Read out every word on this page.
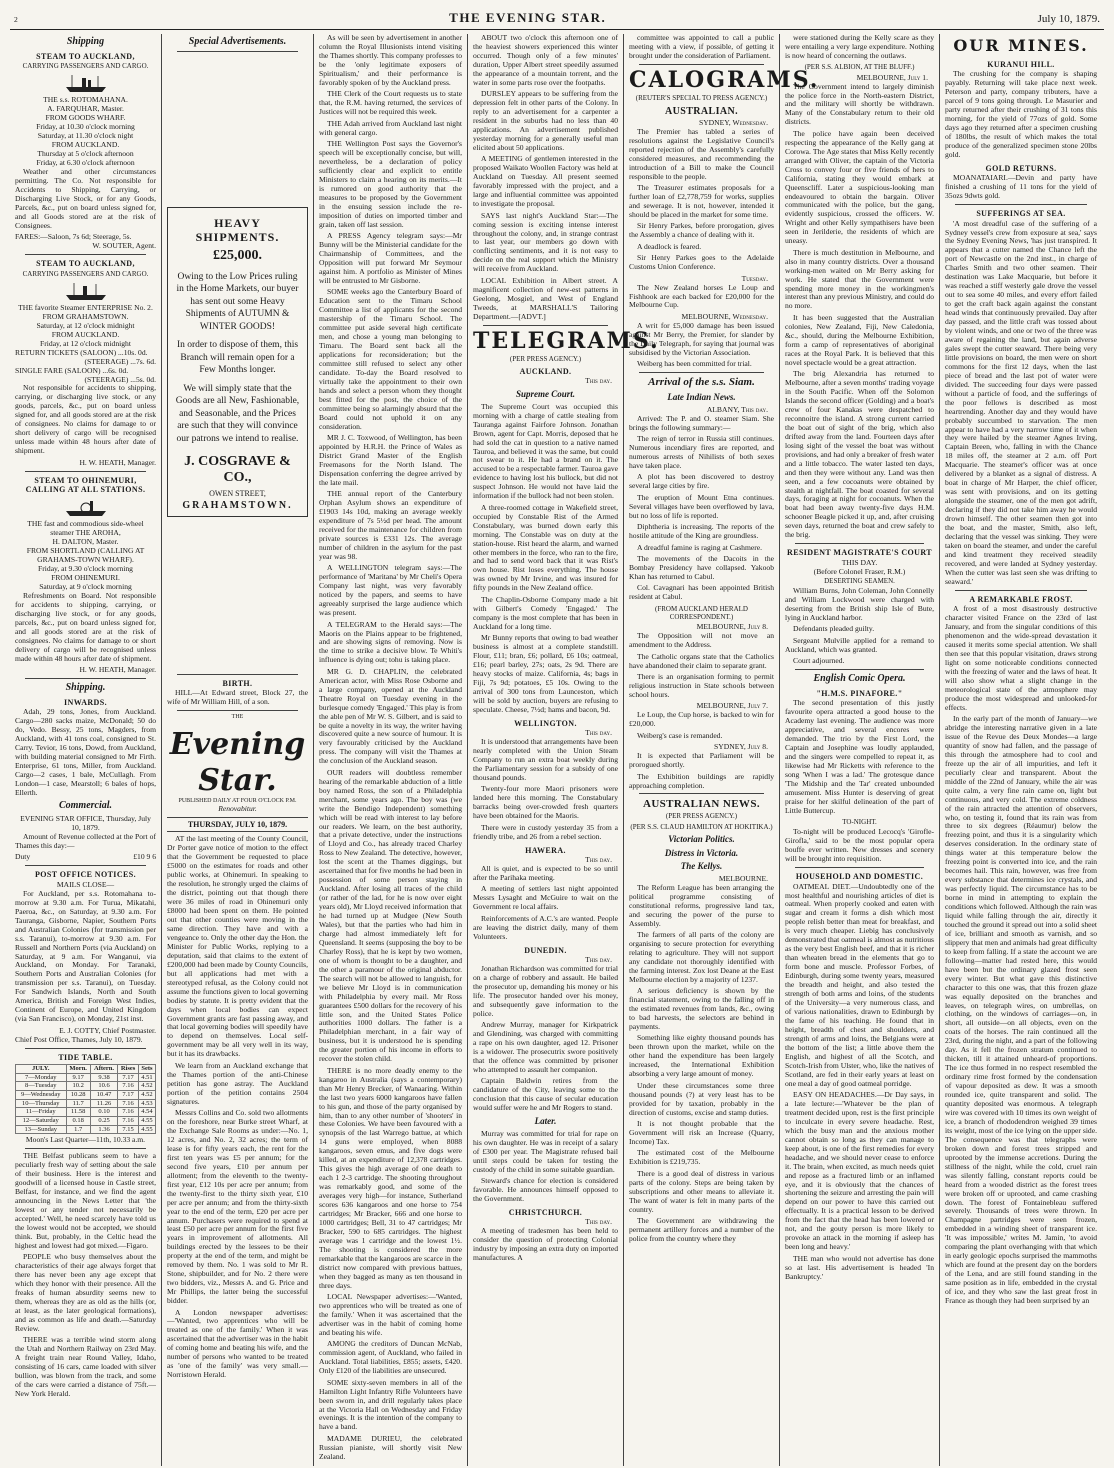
2	THE EVENING STAR.	July 10, 1879.
Shipping
STEAM TO AUCKLAND,
CARRYING PASSENGERS AND CARGO.
THE s.s. ROTOMAHANA.
A. FARQUHAR, Master.
FROM GOODS WHARF.
Friday, at 10.30 o'clock morning
Saturday, at 11.30 o'clock night
FROM AUCKLAND.
Thursday at 5 o'clock afternoon
Friday, at 6.30 o'clock afternoon

Weather and other circumstances permitting. The Co. Not responsible for Accidents to Shipping, Carrying, or Discharging Live Stock, or for any Goods, Parcels, &c., put on board unless signed for, and all Goods stored are at the risk of Consignees.

FARES:—Saloon, 7s 6d; Steerage, 5s.
W. SOUTER, Agent.
STEAM TO AUCKLAND,
CARRYING PASSENGERS AND CARGO.
THE favorite Steamer ENTERPRISE No. 2.
FROM GRAHAMSTOWN.
Saturday, at 12 o'clock midnight
FROM AUCKLAND.
Friday, at 12 o'clock midnight
RETURN TICKETS (SALOON) ...10s. 0d.
(STEERAGE) ...7s. 6d.
SINGLE FARE (SALOON) ...6s. 0d.
(STEERAGE) ...5s. 0d.

Not responsible for accidents to shipping, carrying, or discharging live stock, or any goods, parcels, &c., put on board unless signed for, and all goods stored are at the risk of consignees. No claims for damage to or short delivery of cargo will be recognised unless made within 48 hours after date of shipment.

H. W. HEATH, Manager.
STEAM TO OHINEMURI, CALLING AT ALL STATIONS.
THE fast and commodious side-wheel steamer THE AROHA,
H. DALTON, Master.
FROM SHORTLAND (CALLING AT GRAHAMS-TOWN WHARF).
Friday, at 9.30 o'clock morning
FROM OHINEMURI.
Saturday, at 9 o'clock morning

Refreshments on Board. Not responsible for accidents to shipping, carrying, or discharging live stock, or for any goods, parcels, &c., put on board unless signed for, and all goods stored are at the risk of consignees. No claims for damage to or short delivery of cargo will be recognised unless made within 48 hours after date of shipment.

H. W. HEATH, Manager.
Shipping.
INWARDS.

Adah, 29 tons, Jones, from Auckland. Cargo—280 sacks maize, McDonald; 50 do do, Vedo. Bessy, 25 tons, Magders, from Auckland, with 41 tons coal, consigned to St. Carry. Tevior, 16 tons, Dowd, from Auckland, with building material consigned to Mr Firth. Enterprise, 61 tons, Miller, from Auckland. Cargo—2 cases, 1 bale, McCullagh. From London—1 case, Mearstoll; 6 bales of hops, Ellerth.

Commercial.
EVENING STAR OFFICE, Thursday, July 10, 1879.

Amount of Revenue collected at the Port of Thames this day:—

Duty	£10 9 6
POST OFFICE NOTICES.
MAILS CLOSE—

For Auckland, per s.s. Rotomahana to-morrow at 9.30 a.m. For Turua, Mikatahi, Paeroa, &c., on Saturday, at 9.30 a.m. For Tauranga, Gisborne, Napier, Southern Ports and Australian Colonies (for transmission per s.s. Taranui), to-morrow at 9.30 a.m. For Russell and Northern Ports (via Auckland) on Saturday, at 9 a.m. For Wanganui, via Auckland, on Monday. For Taranaki, Southern Ports and Australian Colonies (for transmission per s.s. Taranui), on Tuesday. For Sandwich Islands, North and South America, British and Foreign West Indies, Continent of Europe, and United Kingdom (via San Francisco), on Monday, 21st inst.

E. J. COTTY, Chief Postmaster.
Chief Post Office, Thames, July 10, 1879.
TIDE TABLE.
JULY.	Morn.	Aftern.	Rises	Sets
7—Monday	9.17	9.38	7.17	4.51
8—Tuesday	10.2	10.6	7.16	4.52
9—Wednesday	10.28	10.47	7.17	4.52
10—Thursday	11.7	11.26	7.16	4.53
11—Friday	11.58	0.10	7.16	4.54
12—Saturday	0.18	0.25	7.16	4.55
13—Sunday	1.7	1.36	7.15	4.55
Moon's Last Quarter—11th, 10.33 a.m.

THE Belfast publicans seem to have a peculiarly fresh way of setting about the sale of their business. Here is the interest and goodwill of a licensed house in Castle street, Belfast, for instance, and we find the agent announcing in the News Letter that 'the lowest or any tender not necessarily be accepted.' Well, he need scarcely have told us the lowest would not be accepted, we should think. But, probably, in the Celtic head the highest and lowest had got mixed.—Figaro.

PEOPLE who busy themselves about the characteristics of their age always forget that there has never been any age except that which they honor with their presence. All the freaks of human absurdity seems new to them, whereas they are as old as the hills (or, at least, as the later geological formations), and as common as life and death.—Saturday Review.

THERE was a terrible wind storm along the Utah and Northern Railway on 23rd May. A freight train near Round Valley, Idaho, consisting of 16 cars, came loaded with silver bullion, was blown from the track, and some of the cars were carried a distance of 75ft.—New York Herald.

Special Advertisements.
HEAVY SHIPMENTS.
£25,000.
Owing to the Low Prices ruling in the Home Markets, our buyer has sent out some Heavy Shipments of AUTUMN & WINTER GOODS!
In order to dispose of them, this Branch will remain open for a Few Months longer.
We will simply state that the Goods are all New, Fashionable, and Seasonable, and the Prices are such that they will convince our patrons we intend to realise.
J. COSGRAVE & CO.,
OWEN STREET,
GRAHAMSTOWN.
BIRTH.

HILL—At Edward street, Block 27, the wife of Mr William Hill, of a son.

THE
Evening Star.
PUBLISHED DAILY AT FOUR O'CLOCK P.M.
Renovabitur.
THURSDAY, JULY 10, 1879.

AT the last meeting of the County Council, Dr Porter gave notice of motion to the effect that the Government be requested to place £5000 on the estimates for roads and other public works, at Ohinemuri. In speaking to the resolution, he strongly urged the claims of the district, pointing out that though there were 36 miles of road in Ohinemuri only £8000 had been spent on them. He pointed out that other counties were moving in the same direction. They have and with a vengeance to. Only the other day the Hon. the Minister for Public Works, replying to a deputation, said that claims to the extent of £200,000 had been made by County Councils, but all applications had met with a stereotyped refusal, as the Colony could not assume the functions given to local governing bodies by statute. It is pretty evident that the days when local bodies can expect Government grants are fast passing away, and that local governing bodies will speedily have to depend on themselves. Local self-government may be all very well in its way, but it has its drawbacks.

We learn from an Auckland exchange that the Thames portion of the anti-Chinese petition has gone astray. The Auckland portion of the petition contains 2504 signatures.

Messrs Collins and Co. sold two allotments on the foreshore, near Burke street Wharf, at the Exchange Sale Rooms as under:—No. 1, 12 acres, and No. 2, 32 acres; the term of lease is for fifty years each, the rent for the first ten years was £5 per annum; for the second five years, £10 per annum per allotment; from the eleventh to the twenty-first year, £12 10s per acre per annum; from the twenty-first to the thirty sixth year, £10 per acre per annum; and from the thirty-sixth year to the end of the term, £20 per acre per annum. Purchasers were required to spend at least £50 per acre per annum for the first five years in improvement of allotments. All buildings erected by the lessees to be their property at the end of the term, and might be removed by them. No. 1 was sold to Mr R. Stone, shipbuilder, and for No. 2 there were two bidders, viz., Messrs A. and G. Price and Mr Phillips, the latter being the successful bidder.

A London newspaper advertises:—'Wanted, two apprentices who will be treated as one of the family.' When it was ascertained that the advertiser was in the habit of coming home and beating his wife, and the number of persons who wanted to be treated as 'one of the family' was very small.—Norristown Herald.

As will be seen by advertisement in another column the Royal Illusionists intend visiting the Thames shortly. This company professes to be the 'only legitimate exposers of Spiritualism,' and their performance is favorably spoken of by the Auckland press.

THE Clerk of the Court requests us to state that, the R.M. having returned, the services of Justices will not be required this week.

THE Adah arrived from Auckland last night with general cargo.

THE Wellington Post says the Governor's speech will be exceptionally concise, but will, nevertheless, be a declaration of policy sufficiently clear and explicit to entitle Ministers to claim a hearing on its merits.—It is rumored on good authority that the measures to be proposed by the Government in the ensuing session include the re-imposition of duties on imported timber and grain, taken off last session.

A PRESS Agency telegram says:—Mr Bunny will be the Ministerial candidate for the Chairmanship of Committees, and the Opposition will put forward Mr Seymour against him. A portfolio as Minister of Mines will be entrusted to Mr Gisborne.

SOME weeks ago the Canterbury Board of Education sent to the Timaru School Committee a list of applicants for the second mastership of the Timaru School. The committee put aside several high certificate men, and chose a young man belonging to Timaru. The Board sent back all the applications for reconsideration; but the committee still refused to select any other candidate. To-day the Board resolved to virtually take the appointment to their own hands and select a person whom they thought best fitted for the post, the choice of the committee being so alarmingly absurd that the Board could not uphold it on any consideration.

MR J. C. Toxwood, of Wellington, has been appointed by H.R.H. the Prince of Wales as District Grand Master of the English Freemasons for the North Island. The Dispensation conferring the degree arrived by the late mail.

THE annual report of the Canterbury Orphan Asylum shows an expenditure of £1903 14s 10d, making an average weekly expenditure of 7s 5½d per head. The amount received for the maintenance for children from private sources is £331 12s. The average number of children in the asylum for the past year was 98.

A WELLINGTON telegram says:—The performance of 'Maritana' by Mr Cheli's Opera Company last night, was very favorably noticed by the papers, and seems to have agreeably surprised the large audience which was present.

A TELEGRAM to the Herald says:—The Maoris on the Plains appear to be frightened, and are showing signs of removing. Now is the time to strike a decisive blow. Te Whiti's influence is dying out; tohu is taking place.

MR G. D. CHAPLIN, the celebrated American actor, with Miss Rose Osborne and a large company, opened at the Auckland Theatre Royal on Tuesday evening in the burlesque comedy 'Engaged.' This play is from the able pen of Mr W. S. Gilbert, and is said to be quite a novelty in its way, the writer having discovered quite a new source of humour. It is very favourably criticised by the Auckland press. The company will visit the Thames at the conclusion of the Auckland season.

OUR readers will doubtless remember hearing of the remarkable abduction of a little boy named Ross, the son of a Philadelphia merchant, some years ago. The boy was (we write the Bendigo Independent) something which will be read with interest to lay before our readers. We learn, on the best authority, that a private detective, under the instructions of Lloyd and Co., has already traced Charley Ross to New Zealand. The detective, however, lost the scent at the Thames diggings, but ascertained that for five months he had been in possession of some person staying in Auckland. After losing all traces of the child (or rather of the lad, for he is now over eight years old), Mr Lloyd received information that he had turned up at Mudgee (New South Wales), but that the parties who had him in charge had almost immediately left for Queensland. It seems (supposing the boy to be Charley Ross), that he is kept by two women, one of whom is thought to be a daughter, and the other a paramour of the original abductor. The search will not be allowed to languish, for we believe Mr Lloyd is in communication with Philadelphia by every mail. Mr Ross guarantees £500 dollars for the recovery of his little son, and the United States Police authorities 1000 dollars. The father is a Philadelphian merchant, in a fair way of business, but it is understood he is spending the greater portion of his income in efforts to recover the stolen child.

THERE is no more deadly enemy to the kangaroo in Australia (says a contemporary) than Mr Henry Brecker, of Wanaaring. Within the last two years 6000 kangaroos have fallen to his gun, and those of the party organised by him, than to any other number of 'shooters' in these Colonies. We have been favoured with a synopsis of the last Warrego battue, at which 14 guns were employed, when 8088 kangaroos, seven emus, and five dogs were killed, at an expenditure of 12,378 cartridges. This gives the high average of one death to each 1 2-3 cartridge. The shooting throughout was remarkably good, and some of the averages very high—for instance, Sutherland scores 636 kangaroos and one horse to 754 cartridges; Mr Bracker, 666 and one horse to 1000 cartridges; Bell, 31 to 47 cartridges; Mr Bracker, 590 to 685 cartridges. The highest average was 1 cartridge and the lowest 1½. The shooting is considered the more remarkable that the kangaroos are scarce in the district now compared with previous battues, when they bagged as many as ten thousand in three days.

LOCAL Newspaper advertises:—'Wanted, two apprentices who will be treated as one of the family.' When it was ascertained that the advertiser was in the habit of coming home and beating his wife.

AMONG the creditors of Duncan McNab, commission agent, of Auckland, who failed in Auckland. Total liabilities, £855; assets, £420. Only £120 of the liabilities are unsecured.

SOME sixty-seven members in all of the Hamilton Light Infantry Rifle Volunteers have been sworn in, and drill regularly takes place at the Victoria Hall on Wednesday and Friday evenings. It is the intention of the company to have a band.

MADAME DURIEU, the celebrated Russian pianiste, will shortly visit New Zealand.

ABOUT two o'clock this afternoon one of the heaviest showers experienced this winter occurred. Though only of a few minutes' duration, Upper Albert street speedily assumed the appearance of a mountain torrent, and the water in some parts rose over the footpaths.

DURSLEY appears to be suffering from the depression felt in other parts of the Colony. In reply to an advertisement for a carpenter a resident in the suburbs had no less than 40 applications. An advertisement published yesterday morning for a generally useful man elicited about 50 applications.

A MEETING of gentlemen interested in the proposed Waikato Woollen Factory was held at Auckland on Tuesday. All present seemed favorably impressed with the project, and a large and influential committee was appointed to investigate the proposal.

SAYS last night's Auckland Star:—The coming session is exciting intense interest throughout the colony, and, in strange contrast to last year, our members go down with conflicting sentiments, and it is not easy to decide on the real support which the Ministry will receive from Auckland.

LOCAL Exhibition in Albert street. A magnificent collection of new-est patterns in Geelong, Mosgiel, and West of England Tweeds, at MARSHALL'S Tailoring Department.—[ADVT.]

TELEGRAMS.
(PER PRESS AGENCY.)
AUCKLAND.
This day.
Supreme Court.

The Supreme Court was occupied this morning with a charge of cattle stealing from Tauranga against Fairfore Johnson. Jonathan Brown, agent for Capt. Morris, deposed that he had sold the cat in question to a native named Tauroa, and believed it was the same, but could not swear to it. He had a brand on it. The accused to be a respectable farmer. Tauroa gave evidence to having lost his bullock, but did not suspect Johnson. He would not have laid the information if the bullock had not been stolen.

A three-roomed cottage in Wakefield street, occupied by Constable Rist of the Armed Constabulary, was burned down early this morning. The Constable was on duty at the station-house. Rist heard the alarm, and warned other members in the force, who ran to the fire, and had to send word back that it was Rist's own house. Rist loses everything. The house was owned by Mr Irvine, and was insured for fifty pounds in the New Zealand office.

The Chaplin-Osborne Company made a hit with Gilbert's Comedy 'Engaged.' The company is the most complete that has been in Auckland for a long time.

Mr Bunny reports that owing to bad weather business is almost at a complete standstill. Flour, £11; bran, £6; pollard, £6 10s; oatmeal, £16; pearl barley, 27s; oats, 2s 9d. There are heavy stocks of maize. California, 4s; bags in Fiji, 7s 9d; potatoes, £5 10s. Owing to the arrival of 300 tons from Launceston, which will be sold by auction, buyers are refusing to speculate. Cheese, 7½d; hams and bacon, 9d.

WELLINGTON.
This day.

It is understood that arrangements have been nearly completed with the Union Steam Company to run an extra boat weekly during the Parliamentary session for a subsidy of one thousand pounds.

Twenty-four more Maori prisoners were landed here this morning. The Constabulary barracks being over-crowded fresh quarters have been obtained for the Maoris.

There were in custody yesterday 35 from a friendly tribe, and 26 from a rebel section.

HAWERA.
This day.

All is quiet, and is expected to be so until after the Parihaka meeting.

A meeting of settlers last night appointed Messrs Lysaght and McGuire to wait on the Government re local affairs.

Reinforcements of A.C.'s are wanted. People are leaving the district daily, many of them Volunteers.

DUNEDIN.
This day.

Jonathan Richardson was committed for trial on a charge of robbery and assault. He bailed the prosecutor up, demanding his money or his life. The prosecutor handed over his money, and subsequently gave information to the police.

Andrew Murray, manager for Kirkpatrick and Glendining, was charged with committing a rape on his own daughter, aged 12. Prisoner is a widower. The prosecutrix swore positively that the offence was committed by prisoner who attempted to assault her companion.

Captain Baldwin retires from the candidature of the City, leaving some to the conclusion that this cause of secular education would suffer were he and Mr Rogers to stand.

Later.

Murray was committed for trial for rape on his own daughter. He was in receipt of a salary of £300 per year. The Magistrate refused bail until steps could be taken for testing the custody of the child in some suitable guardian.

Steward's chance for election is considered favorable. He announces himself opposed to the Government.

CHRISTCHURCH.
This day.

A meeting of tradesmen has been held to consider the question of protecting Colonial industry by imposing an extra duty on imported manufactures. A

committee was appointed to call a public meeting with a view, if possible, of getting it brought under the consideration of Parliament.

CALOGRAMS.
(REUTER'S SPECIAL TO PRESS AGENCY.)
AUSTRALIAN.
SYDNEY, Wednesday.

The Premier has tabled a series of resolutions against the Legislative Council's reported rejection of the Assembly's carefully considered measures, and recommending the introduction of a Bill to make the Council responsible to the people.

The Treasurer estimates proposals for a further loan of £2,778,759 for works, supplies and sewerage. It is not, however, intended it should be placed in the market for some time.

Sir Henry Parkes, before prorogation, gives the Assembly a chance of dealing with it.

A deadlock is feared.

Sir Henry Parkes goes to the Adelaide Customs Union Conference.

Tuesday.

The New Zealand horses Le Loup and Fishhook are each backed for £20,000 for the Melbourne Cup.

MELBOURNE, Wednesday.

A writ for £5,000 damage has been issued against Mr Berry, the Premier, for slander by the Daily Telegraph, for saying that journal was subsidised by the Victorian Association.

Weiberg has been committed for trial.

Arrival of the s.s. Siam.
Late Indian News.
ALBANY, This day.

Arrived: The P. and O. steamer Siam. She brings the following summary:—

The reign of terror in Russia still continues. Numerous incendiary fires are reported, and numerous arrests of Nihilists of both sexes have taken place.

A plot has been discovered to destroy several large cities by fire.

The eruption of Mount Etna continues. Several villages have been overflowed by lava, but no loss of life is reported.

Diphtheria is increasing. The reports of the hostile attitude of the King are groundless.

A dreadful famine is raging at Cashmere.

The movements of the Dacoits in the Bombay Presidency have collapsed. Yakoob Khan has returned to Cabul.

Col. Cavagnari has been appointed British resident at Cabul.

(FROM AUCKLAND HERALD CORRESPONDENT.)
MELBOURNE, July 8.

The Opposition will not move an amendment to the Address.

The Catholic organs state that the Catholics have abandoned their claim to separate grant.

There is an organisation forming to permit religious instruction in State schools between school hours.

MELBOURNE, July 7.

Le Loup, the Cup horse, is backed to win for £20,000.

Weiberg's case is remanded.

SYDNEY, July 8.

It is expected that Parliament will be prorogued shortly.

The Exhibition buildings are rapidly approaching completion.

AUSTRALIAN NEWS.
(PER PRESS AGENCY.)
(PER S.S. CLAUD HAMILTON AT HOKITIKA.)
Victorian Politics.
Distress in Victoria.
The Kellys.
MELBOURNE.

The Reform League has been arranging the political programme consisting of constitutional reforms, progressive land tax, and securing the power of the purse to Assembly.

The farmers of all parts of the colony are organising to secure protection for everything relating to agriculture. They will not support any candidate not thoroughly identified with the farming interest. Zox lost Deane at the East Melbourne election by a majority of 1237.

A serious deficiency is shown by the financial statement, owing to the falling off in the estimated revenues from lands, &c., owing to bad harvests, the selectors are behind in payments.

Something like eighty thousand pounds has been thrown upon the market, while on the other hand the expenditure has been largely increased, the International Exhibition absorbing a very large amount of money.

Under these circumstances some three thousand pounds (?) at very least has to be provided for by taxation, probably in the direction of customs, excise and stamp duties.

It is not thought probable that the Government will risk an Increase (Quarry, Income) Tax.

The estimated cost of the Melbourne Exhibition is £219,735.

There is a good deal of distress in various parts of the colony. Steps are being taken by subscriptions and other means to alleviate it. The want of water is felt in many parts of the country.

The Government are withdrawing the permanent artillery forces and a number of the police from the country where they

were stationed during the Kelly scare as they were entailing a very large expenditure. Nothing is now heard of concerning the outlaws.

(PER S.S. ALBION, AT THE BLUFF.)
MELBOURNE, July 1.

The Government intend to largely diminish the police force in the North-eastern District, and the military will shortly be withdrawn. Many of the Constabulary return to their old districts.

The police have again been deceived respecting the appearance of the Kelly gang at Corowa. The Age states that Miss Kelly recently arranged with Oliver, the captain of the Victoria Cross to convey four or five friends of hers to California, stating they would embark at Queenscliff. Later a suspicious-looking man endeavoured to obtain the bargain. Oliver communicated with the police, but the gang, evidently suspicious, crossed the officers. W. Wright and other Kelly sympathisers have been seen in Jerilderie, the residents of which are uneasy.

There is much destitution in Melbourne, and also in many country districts. Over a thousand working-men waited on Mr Berry asking for work. He stated that the Government were spending more money in the workingmen's interest than any previous Ministry, and could do no more.

It has been suggested that the Australian colonies, New Zealand, Fiji, New Caledonia, &c., should, during the Melbourne Exhibition, form a camp of representatives of aboriginal races at the Royal Park. It is believed that this novel spectacle would be a great attraction.

The brig Alexandria has returned to Melbourne, after a seven months' trading voyage in the South Pacific. When off the Solomon Islands the second officer (Golding) and a boat's crew of four Kanakas were despatched to reconnoitre the island. A strong current carried the boat out of sight of the brig, which also drifted away from the land. Fourteen days after losing sight of the vessel the boat was without provisions, and had only a breaker of fresh water and a little tobacco. The water lasted ten days, and then they were without any. Land was then seen, and a few cocoanuts were obtained by stealth at nightfall. The boat coasted for several days, foraging at night for cocoanuts. When the boat had been away twenty-five days H.M. schooner Beagle picked it up, and, after cruising seven days, returned the boat and crew safely to the brig.

RESIDENT MAGISTRATE'S COURT
THIS DAY.
(Before Colonel Fraser, R.M.)
DESERTING SEAMEN.

William Burns, John Coleman, John Connelly and William Lockwood were charged with deserting from the British ship Isle of Bute, lying in Auckland harbor.

Defendants pleaded guilty.

Sergeant Mulville applied for a remand to Auckland, which was granted.

Court adjourned.

English Comic Opera.
"H.M.S. PINAFORE."

The second presentation of this justly favourite opera attracted a good house to the Academy last evening. The audience was more appreciative, and several encores were demanded. The trio by the First Lord, the Captain and Josephine was loudly applauded, and the singers were compelled to repeat it, as likewise had Mr Ricketts with reference to the song 'When I was a lad.' The grotesque dance 'The Midship and the Tar' created unbounded amusement. Miss Hunter is deserving of great praise for her skilful delineation of the part of Little Buttercup.

TO-NIGHT.

To-night will be produced Lecocq's 'Girofle-Girofla,' said to be the most popular opera bouffe ever written. New dresses and scenery will be brought into requisition.

HOUSEHOLD AND DOMESTIC.

OATMEAL DIET.—Undoubtedly one of the most healthful and nourishing articles of diet is oatmeal. When properly cooked and eaten with sugar and cream it forms a dish which most people relish better than meat for breakfast, and is very much cheaper. Liebig has conclusively demonstrated that oatmeal is almost as nutritious as the very best English beef, and that it is richer than wheaten bread in the elements that go to form bone and muscle. Professor Forbes, of Edinburgh, during some twenty years, measured the breadth and height, and also tested the strength of both arms and loins, of the students of the University—a very numerous class, and of various nationalities, drawn to Edinburgh by the fame of his teaching. He found that in height, breadth of chest and shoulders, and strength of arms and loins, the Belgians were at the bottom of the list; a little above them the English, and highest of all the Scotch, and Scotch-Irish from Ulster, who, like the natives of Scotland, are fed in their early years at least on one meal a day of good oatmeal porridge.

EASY ON HEADACHES.—Dr Day says, in a late lecture:—'Whatever be the plan of treatment decided upon, rest is the first principle to inculcate in every severe headache. Rest, which the busy man and the anxious mother cannot obtain so long as they can manage to keep about, is one of the first remedies for every headache, and we should never cease to enforce it. The brain, when excited, as much needs quiet and repose as a fractured limb or an inflamed eye, and it is obviously that the chances of shortening the seizure and arresting the pain will depend on our power to have this carried out effectually. It is a practical lesson to be derived from the fact that the head has been lowered or not, and the gouty person is more likely to provoke an attack in the morning if asleep has been long and heavy.'

THE man who would not advertise has done so at last. His advertisement is headed 'In Bankruptcy.'

OUR MINES.
KURANUI HILL.

The crushing for the company is shaping payably. Returning will take place next week. Peterson and party, company tributers, have a parcel of 9 tons going through. Le Masurier and party returned after their crushing of 31 tons this morning, for the yield of 77ozs of gold. Some days ago they returned after a specimen crushing of 180lbs, the result of which makes the total produce of the generalized specimen stone 20lbs gold.

GOLD RETURNS.

MOANATAIARI.—Devin and party have finished a crushing of 11 tons for the yield of 35ozs 9dwts gold.

SUFFERINGS AT SEA.

'A most dreadful case of the suffering of a Sydney vessel's crew from exposure at sea,' says the Sydney Evening News, 'has just transpired. It appears that a cutter named the Chance left the port of Newcastle on the 2nd inst., in charge of Charles Smith and two other seamen. Their destination was Lake Macquarie, but before it was reached a stiff westerly gale drove the vessel out to sea some 40 miles, and every effort failed to get the craft back again against the constant head winds that continuously prevailed. Day after day passed, and the little craft was tossed about by violent winds, and one or two of the three was aware of regaining the land, but again adverse gales swept the cutter seaward. There being very little provisions on board, the men were on short commons for the first 12 days, when the last piece of bread and the last pot of water were divided. The succeeding four days were passed without a particle of food, and the sufferings of the poor fellows is described as most heartrending. Another day and they would have probably succumbed to starvation. The men appear to have had a very narrow time of it when they were hailed by the steamer Agnes Irving, Captain Breen, who, falling in with the Chance 18 miles off, the steamer at 2 a.m. off Port Macquarie. The steamer's officer was at once delivered by a blanket as a signal of distress. A boat in charge of Mr Harper, the chief officer, was sent with provisions, and on its getting alongside the steamer, one of the men got adrift, declaring if they did not take him away he would drown himself. The other seamen then got into the boat, and the master, Smith, also left, declaring that the vessel was sinking. They were taken on board the steamer, and under the careful and kind treatment they received steadily recovered, and were landed at Sydney yesterday. When the cutter was last seen she was drifting to seaward.'

A REMARKABLE FROST.

A frost of a most disastrously destructive character visited France on the 23rd of last January, and from the singular conditions of this phenomenon and the wide-spread devastation it caused it merits some special attention. We shall then see that this popular visitation, draws strong light on some noticeable conditions connected with the freezing of water and the laws of heat. It will also show what a slight change in the meteorological state of the atmosphere may produce the most widespread and unlooked-for effects.

In the early part of the month of January—we abridge the interesting narrative given in a late issue of the Revue des Deux Mondes—a large quantity of snow had fallen, and the passage of this through the atmosphere had to cool and freeze up the air of all impurities, and left it peculiarly clear and transparent. About the middle of the 22nd of January, while the air was quite calm, a very fine rain came on, light but continuous, and very cold. The extreme coldness of the rain attracted the attention of observers, who, on testing it, found that its rain was from three to six degrees (Réaumur) below the freezing point, and thus it is a singularity which deserves consideration. In the ordinary state of things water at this temperature below the freezing point is converted into ice, and the rain becomes hail. This rain, however, was free from every substance that determines ice crystals, and was perfectly liquid. The circumstance has to be borne in mind in attempting to explain the conditions which followed. Although the rain was liquid while falling through the air, directly it touched the ground it spread out into a solid sheet of ice, brilliant and smooth as varnish, and so slippery that men and animals had great difficulty to keep from falling. If a state the account we are following—matter had rested here, this would have been but the ordinary glazed frost seen every winter. But what gave this distinctive character to this one was, that this frozen glaze was equally deposited on the branches and leaves, on telegraph wires, on umbrellas, on clothing, on the windows of carriages—on, in short, all outside—on all objects, even on the coats of the horses. The rain continued all the 23rd, during the night, and a part of the following day. As it fell the frozen stratum continued to thicken, till it attained unheard-of proportions. The ice thus formed in no respect resembled the ordinary rime frost formed by the condensation of vapour deposited as dew. It was a smooth rounded ice, quite transparent and solid. The quantity deposited was enormous. A telegraph wire was covered with 10 times its own weight of ice, a branch of rhododendron weighed 39 times its weight, most of the ice lying on the upper side. The consequence was that telegraphs were broken down and forest trees stripped and uprooted by the immense accretions. During the stillness of the night, while the cold, cruel rain was silently falling, constant reports could be heard from a wooded district as the forest trees were broken off or uprooted, and came crashing down. The forest of Fontainebleau suffered severely. Thousands of trees were thrown. In Champagne partridges were seen frozen, embedded in a winding sheet of transparent ice. 'It was impossible,' writes M. Jamin, 'to avoid comparing the plant overhanging with that which in early geologic epochs surprised the mammoths which are found at the present day on the borders of the Lena, and are still found standing in the same position as in life, embedded in the crystal of ice, and they who saw the last great frost in France as though they had been surprised by an
